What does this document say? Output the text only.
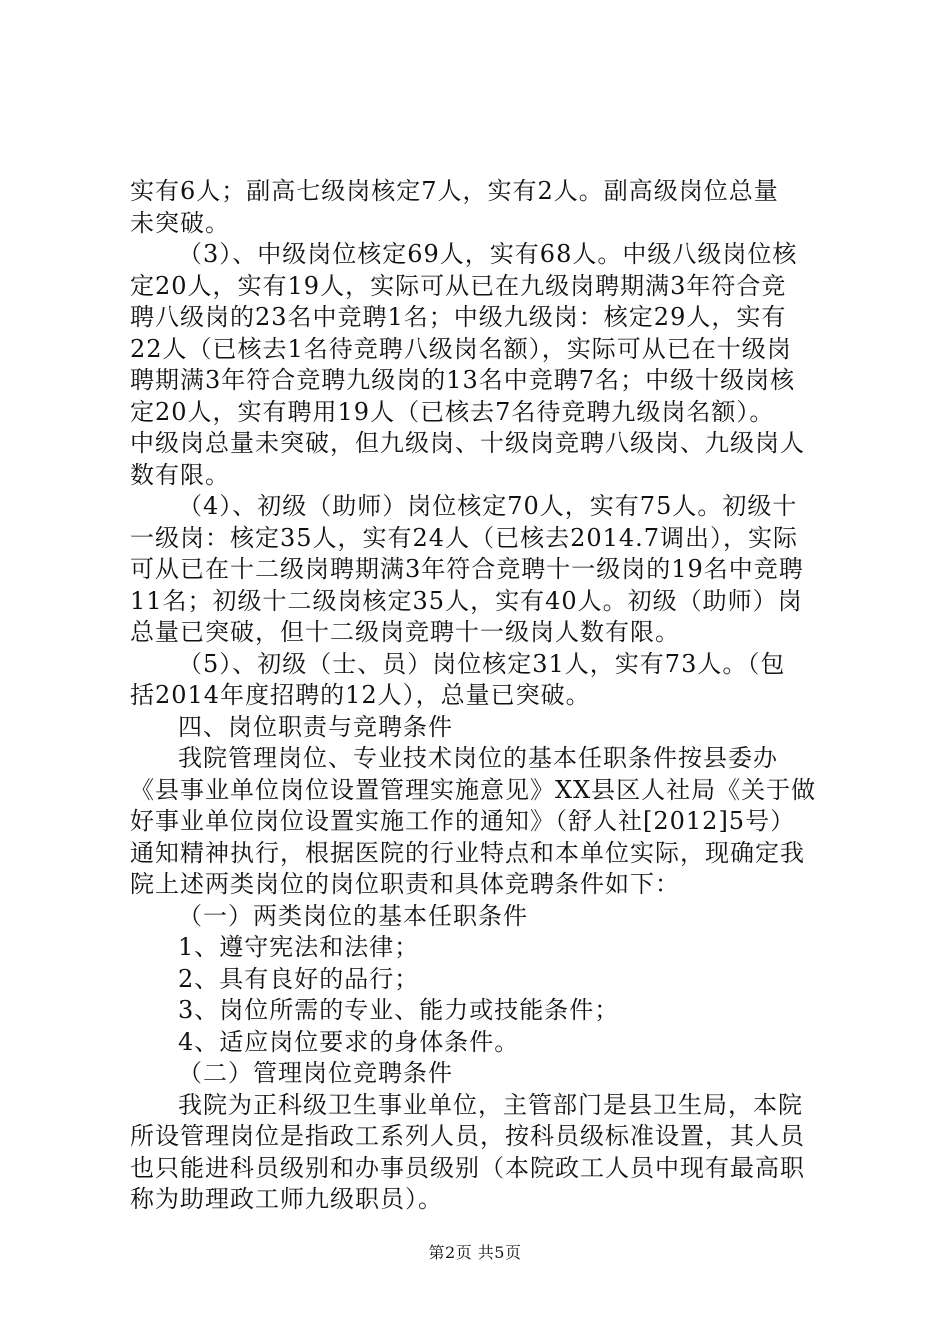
实有6人；副高七级岗核定7人，实有2人。副高级岗位总量
未突破。
（3）、中级岗位核定69人，实有68人。中级八级岗位核
定20人，实有19人，实际可从已在九级岗聘期满3年符合竞
聘八级岗的23名中竞聘1名；中级九级岗：核定29人，实有
22人（已核去1名待竞聘八级岗名额），实际可从已在十级岗
聘期满3年符合竞聘九级岗的13名中竞聘7名；中级十级岗核
定20人，实有聘用19人（已核去7名待竞聘九级岗名额）。
中级岗总量未突破，但九级岗、十级岗竞聘八级岗、九级岗人
数有限。
（4）、初级（助师）岗位核定70人，实有75人。初级十
一级岗：核定35人，实有24人（已核去2014.7调出），实际
可从已在十二级岗聘期满3年符合竞聘十一级岗的19名中竞聘
11名；初级十二级岗核定35人，实有40人。初级（助师）岗
总量已突破，但十二级岗竞聘十一级岗人数有限。
（5）、初级（士、员）岗位核定31人，实有73人。（包
括2014年度招聘的12人），总量已突破。
四、岗位职责与竞聘条件
我院管理岗位、专业技术岗位的基本任职条件按县委办
《县事业单位岗位设置管理实施意见》XX县区人社局《关于做
好事业单位岗位设置实施工作的通知》（舒人社[2012]5号）
通知精神执行，根据医院的行业特点和本单位实际，现确定我
院上述两类岗位的岗位职责和具体竞聘条件如下：
（一）两类岗位的基本任职条件
1、遵守宪法和法律；
2、具有良好的品行；
3、岗位所需的专业、能力或技能条件；
4、适应岗位要求的身体条件。
（二）管理岗位竞聘条件
我院为正科级卫生事业单位，主管部门是县卫生局，本院
所设管理岗位是指政工系列人员，按科员级标准设置，其人员
也只能进科员级别和办事员级别（本院政工人员中现有最高职
称为助理政工师九级职员）。
第2页 共5页
